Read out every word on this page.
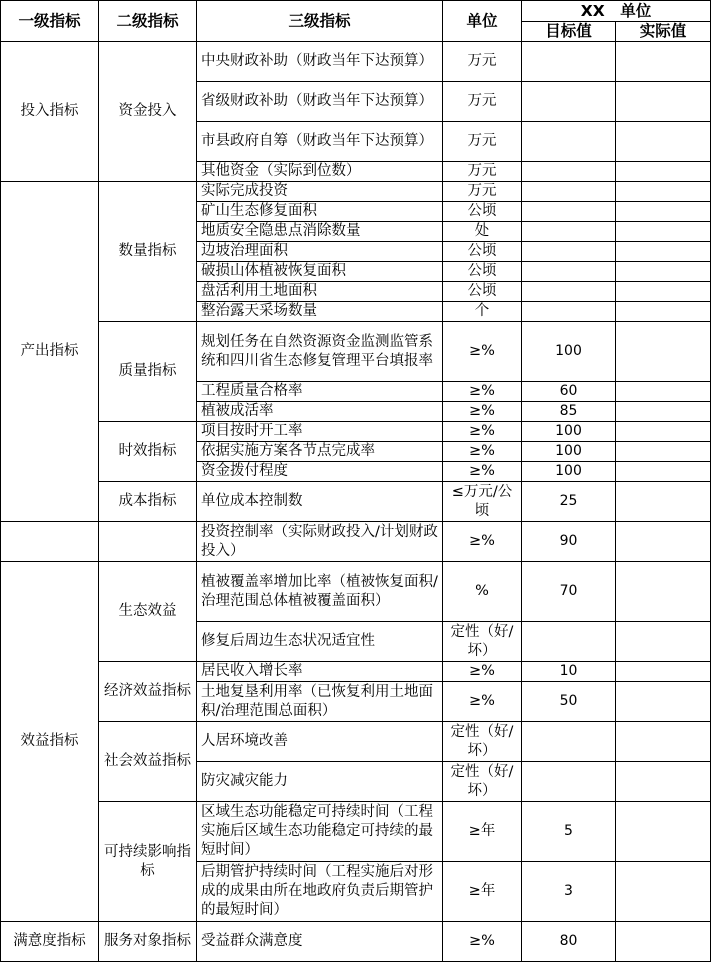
一级指标	二级指标	三级指标	单位	XX　单位	
				目标值	实际值
投入指标	资金投入	中央财政补助（财政当年下达预算）	万元		
		省级财政补助（财政当年下达预算）	万元		
		市县政府自筹（财政当年下达预算）	万元		
		其他资金（实际到位数）	万元		
产出指标	数量指标	实际完成投资	万元		
		矿山生态修复面积	公顷		
		地质安全隐患点消除数量	处		
		边坡治理面积	公顷		
		破损山体植被恢复面积	公顷		
		盘活利用土地面积	公顷		
		整治露天采场数量	个		
	质量指标	规划任务在自然资源资金监测监管系统和四川省生态修复管理平台填报率	≥%	100	
		工程质量合格率	≥%	60	
		植被成活率	≥%	85	
	时效指标	项目按时开工率	≥%	100	
		依据实施方案各节点完成率	≥%	100	
		资金拨付程度	≥%	100	
	成本指标	单位成本控制数	≤万元/公顷	25	
		投资控制率（实际财政投入/计划财政投入）	≥%	90	
效益指标	生态效益	植被覆盖率增加比率（植被恢复面积/治理范围总体植被覆盖面积）	%	70	
		修复后周边生态状况适宜性	定性（好/坏）		
	经济效益指标	居民收入增长率	≥%	10	
		土地复垦利用率（已恢复利用土地面积/治理范围总面积）	≥%	50	
	社会效益指标	人居环境改善	定性（好/坏）		
		防灾减灾能力	定性（好/坏）		
	可持续影响指标	区域生态功能稳定可持续时间（工程实施后区域生态功能稳定可持续的最短时间）	≥年	5	
		后期管护持续时间（工程实施后对形成的成果由所在地政府负责后期管护的最短时间）	≥年	3	
满意度指标	服务对象指标	受益群众满意度	≥%	80	
